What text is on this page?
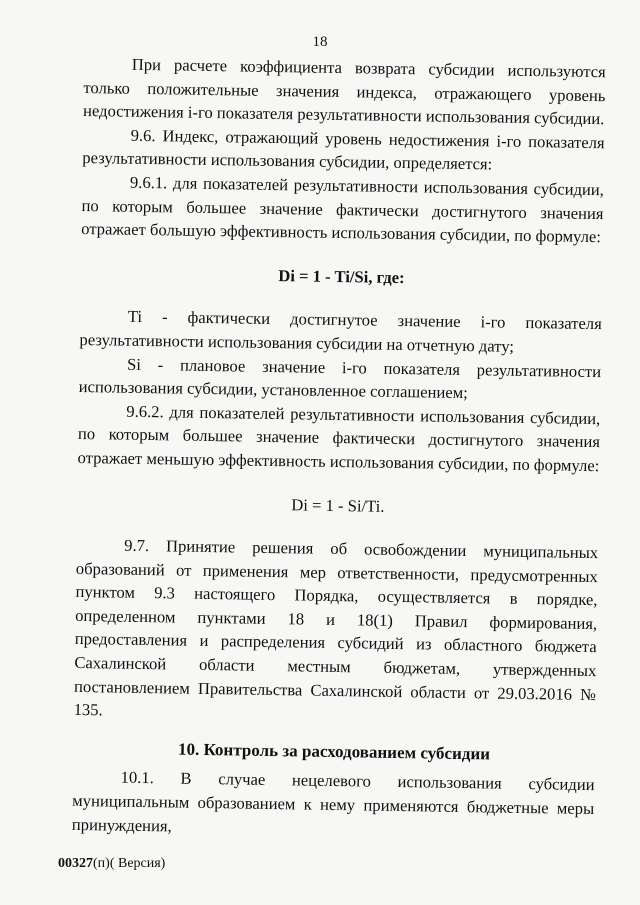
18

При расчете коэффициента возврата субсидии используются только положительные значения индекса, отражающего уровень недостижения i-го показателя результативности использования субсидии.

9.6. Индекс, отражающий уровень недостижения i-го показателя результативности использования субсидии, определяется:

9.6.1. для показателей результативности использования субсидии, по которым большее значение фактически достигнутого значения отражает большую эффективность использования субсидии, по формуле:

Di = 1 - Ti/Si, где:

Ti - фактически достигнутое значение i-го показателя результативности использования субсидии на отчетную дату;

Si - плановое значение i-го показателя результативности использования субсидии, установленное соглашением;

9.6.2. для показателей результативности использования субсидии, по которым большее значение фактически достигнутого значения отражает меньшую эффективность использования субсидии, по формуле:

Di = 1 - Si/Ti.

9.7. Принятие решения об освобождении муниципальных образований от применения мер ответственности, предусмотренных пунктом 9.3 настоящего Порядка, осуществляется в порядке, определенном пунктами 18 и 18(1) Правил формирования, предоставления и распределения субсидий из областного бюджета Сахалинской области местным бюджетам, утвержденных постановлением Правительства Сахалинской области от 29.03.2016 № 135.

10. Контроль за расходованием субсидии

10.1. В случае нецелевого использования субсидии муниципальным образованием к нему применяются бюджетные меры принуждения,

00327(п)( Версия)
